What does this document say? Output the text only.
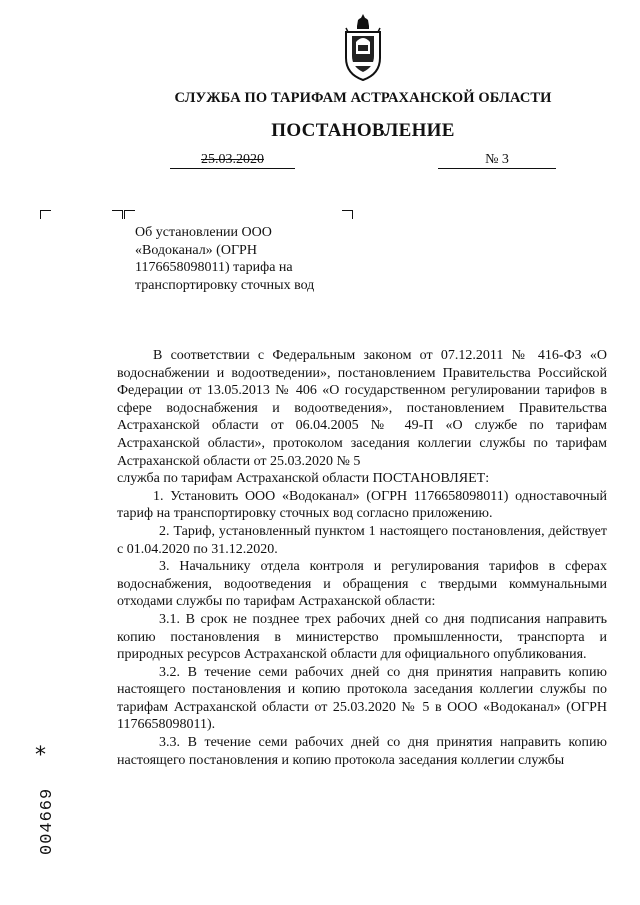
СЛУЖБА ПО ТАРИФАМ АСТРАХАНСКОЙ ОБЛАСТИ
ПОСТАНОВЛЕНИЕ
25.03.2020	№ 3
Об установлении ООО
«Водоканал» (ОГРН
1176658098011) тарифа на
транспортировку сточных вод
В соответствии с Федеральным законом от 07.12.2011 № 416-ФЗ «О водоснабжении и водоотведении», постановлением Правительства Российской Федерации от 13.05.2013 № 406 «О государственном регулировании тарифов в сфере водоснабжения и водоотведения», постановлением Правительства Астраханской области от 06.04.2005 № 49-П «О службе по тарифам Астраханской области», протоколом заседания коллегии службы по тарифам Астраханской области от 25.03.2020 № 5
служба по тарифам Астраханской области ПОСТАНОВЛЯЕТ:
1. Установить ООО «Водоканал» (ОГРН 1176658098011) одноставочный тариф на транспортировку сточных вод согласно приложению.
2. Тариф, установленный пунктом 1 настоящего постановления, действует с 01.04.2020 по 31.12.2020.
3. Начальнику отдела контроля и регулирования тарифов в сферах водоснабжения, водоотведения и обращения с твердыми коммунальными отходами службы по тарифам Астраханской области:
3.1. В срок не позднее трех рабочих дней со дня подписания направить копию постановления в министерство промышленности, транспорта и природных ресурсов Астраханской области для официального опубликования.
3.2. В течение семи рабочих дней со дня принятия направить копию настоящего постановления и копию протокола заседания коллегии службы по тарифам Астраханской области от 25.03.2020 № 5 в ООО «Водоканал» (ОГРН 1176658098011).
3.3. В течение семи рабочих дней со дня принятия направить копию настоящего постановления и копию протокола заседания коллегии службы
*
004669
